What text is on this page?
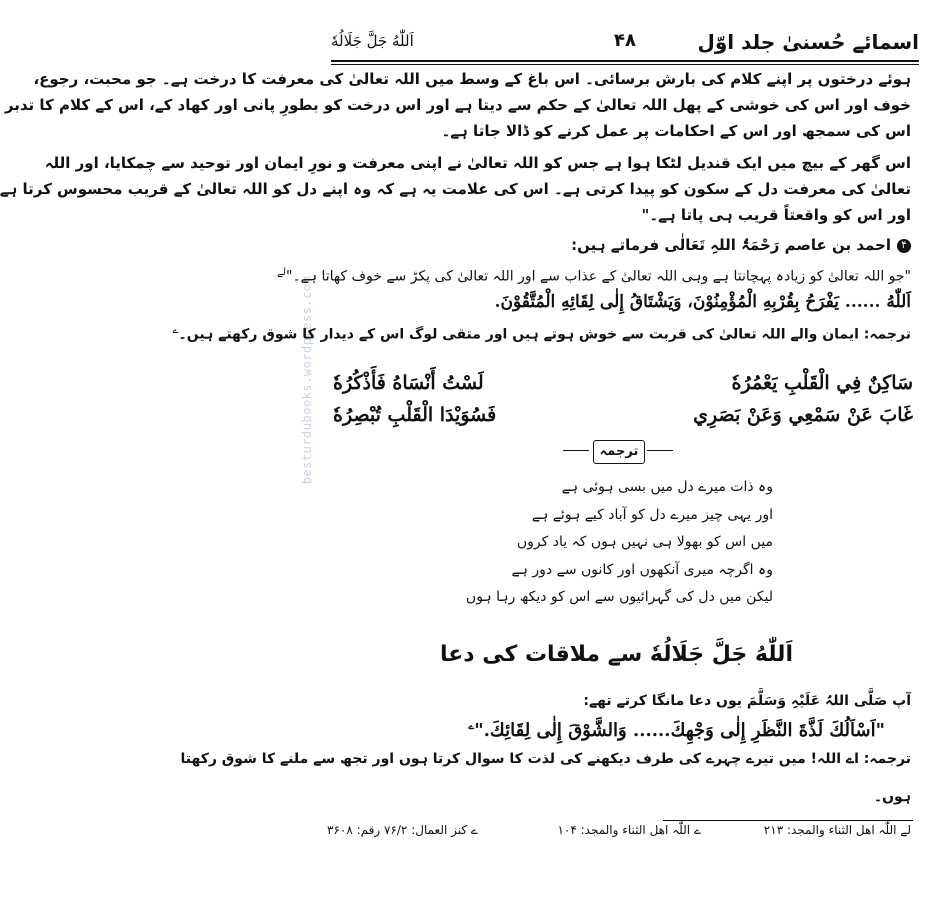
اسمائے حُسنیٰ جلد اوّل
۴۸
اَللّٰهُ جَلَّ جَلَالُهٗ
besturdubooks.wordpress.com
ہوئے درختوں پر اپنے کلام کی بارش برسائی۔ اس باغ کے وسط میں اللہ تعالیٰ کی معرفت کا درخت ہے۔ جو محبت، رجوع،
خوف اور اس کی خوشی کے پھل اللہ تعالیٰ کے حکم سے دیتا ہے اور اس درخت کو بطورِ پانی اور کھاد کے، اس کے کلام کا تدبر
اس کی سمجھ اور اس کے احکامات پر عمل کرنے کو ڈالا جاتا ہے۔
اس گھر کے بیچ میں ایک قندیل لٹکا ہوا ہے جس کو اللہ تعالیٰ نے اپنی معرفت و نورِ ایمان اور توحید سے چمکایا، اور اللہ
تعالیٰ کی معرفت دل کے سکون کو پیدا کرتی ہے۔ اس کی علامت یہ ہے کہ وہ اپنے دل کو اللہ تعالیٰ کے قریب محسوس کرتا ہے
اور اس کو واقعتاً قریب ہی پاتا ہے۔"
۴احمد بن عاصم رَحْمَۃُ اللہِ تَعَالٰی فرماتے ہیں:
"جو اللہ تعالیٰ کو زیادہ پہچانتا ہے وہی اللہ تعالیٰ کے عذاب سے اور اللہ تعالیٰ کی پکڑ سے خوف کھاتا ہے۔"$^{لے}$
اَللّٰهُ ...... يَفْرَحُ بِقُرْبِهِ الْمُؤْمِنُوْنَ، وَيَشْتَاقُ إِلٰى لِقَائِهِ الْمُتَّقُوْنَ.
ترجمہ: ایمان والے اللہ تعالیٰ کی قربت سے خوش ہوتے ہیں اور متقی لوگ اس کے دیدار کا شوق رکھتے ہیں۔$^ے$
سَاكِنٌ فِي الْقَلْبِ يَعْمُرُهٗ
لَسْتُ أَنْسَاهُ فَأَذْكُرُهٗ
غَابَ عَنْ سَمْعِي وَعَنْ بَصَرِي
فَسُوَيْدَا الْقَلْبِ تُبْصِرُهٗ
ترجمہ
وہ ذات میرے دل میں بسی ہوئی ہے
اور یہی چیز میرے دل کو آباد کیے ہوئے ہے
میں اس کو بھولا ہی نہیں ہوں کہ یاد کروں
وہ اگرچہ میری آنکھوں اور کانوں سے دور ہے
لیکن میں دل کی گہرائیوں سے اس کو دیکھ رہا ہوں
اَللّٰهُ جَلَّ جَلَالُهٗ سے ملاقات کی دعا
آپ صَلَّی اللہُ عَلَیْہِ وَسَلَّمَ یوں دعا مانگا کرتے تھے:
"اَسْاَلُكَ لَذَّةَ النَّظَرِ إِلٰى وَجْهِكَ...... وَالشَّوْقَ إِلٰى لِقَائِكَ."$^ے$
ترجمہ: اے اللہ! میں تیرے چہرے کی طرف دیکھنے کی لذت کا سوال کرتا ہوں اور تجھ سے ملنے کا شوق رکھتا
ہوں۔
لے اللّٰہ اھل الثناء والمجد: ۲۱۳
ے اللّٰہ اھل الثناء والمجد: ۱۰۴
ے کنز العمال: ۷۶/۲ رقم: ۳۶۰۸
